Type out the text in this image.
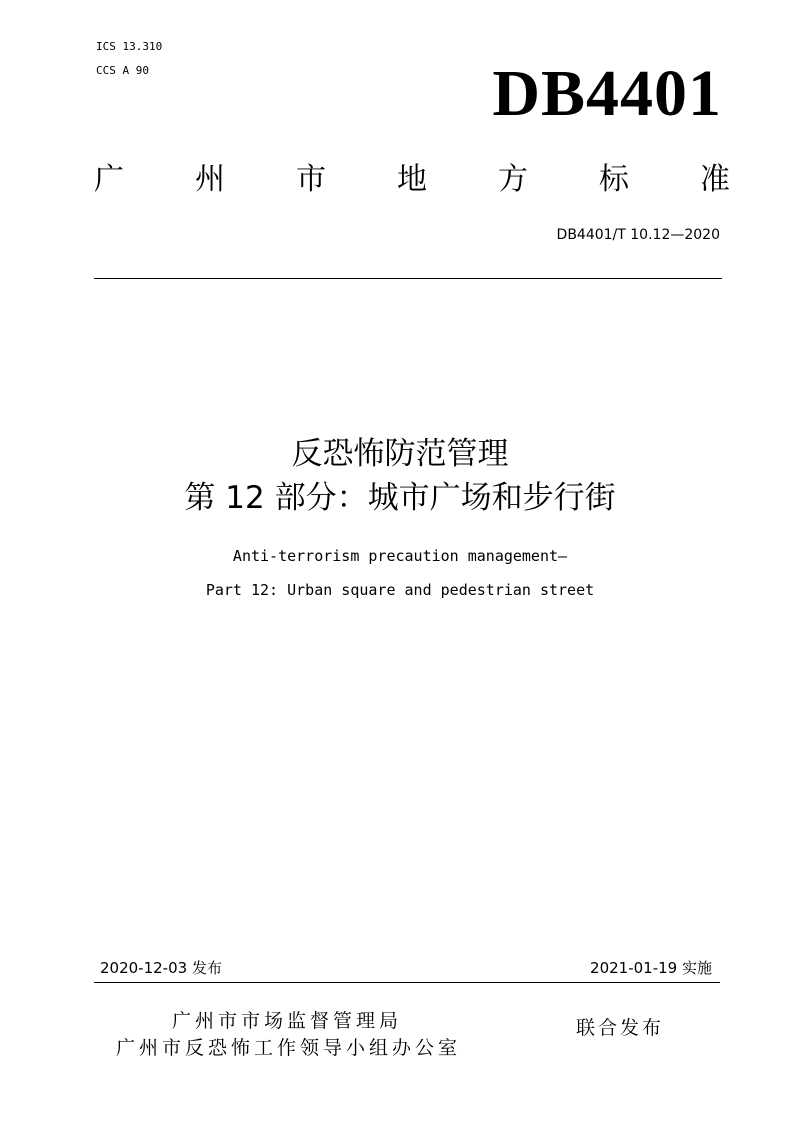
ICS 13.310
CCS A 90	DB4401
广 州 市 地 方 标 准
DB4401/T 10.12—2020
反恐怖防范管理
第 12 部分：城市广场和步行街
Anti-terrorism precaution management—
Part 12: Urban square and pedestrian street
2020-12-03 发布	2021-01-19 实施
广州市市场监督管理局
广州市反恐怖工作领导小组办公室
联合发布
